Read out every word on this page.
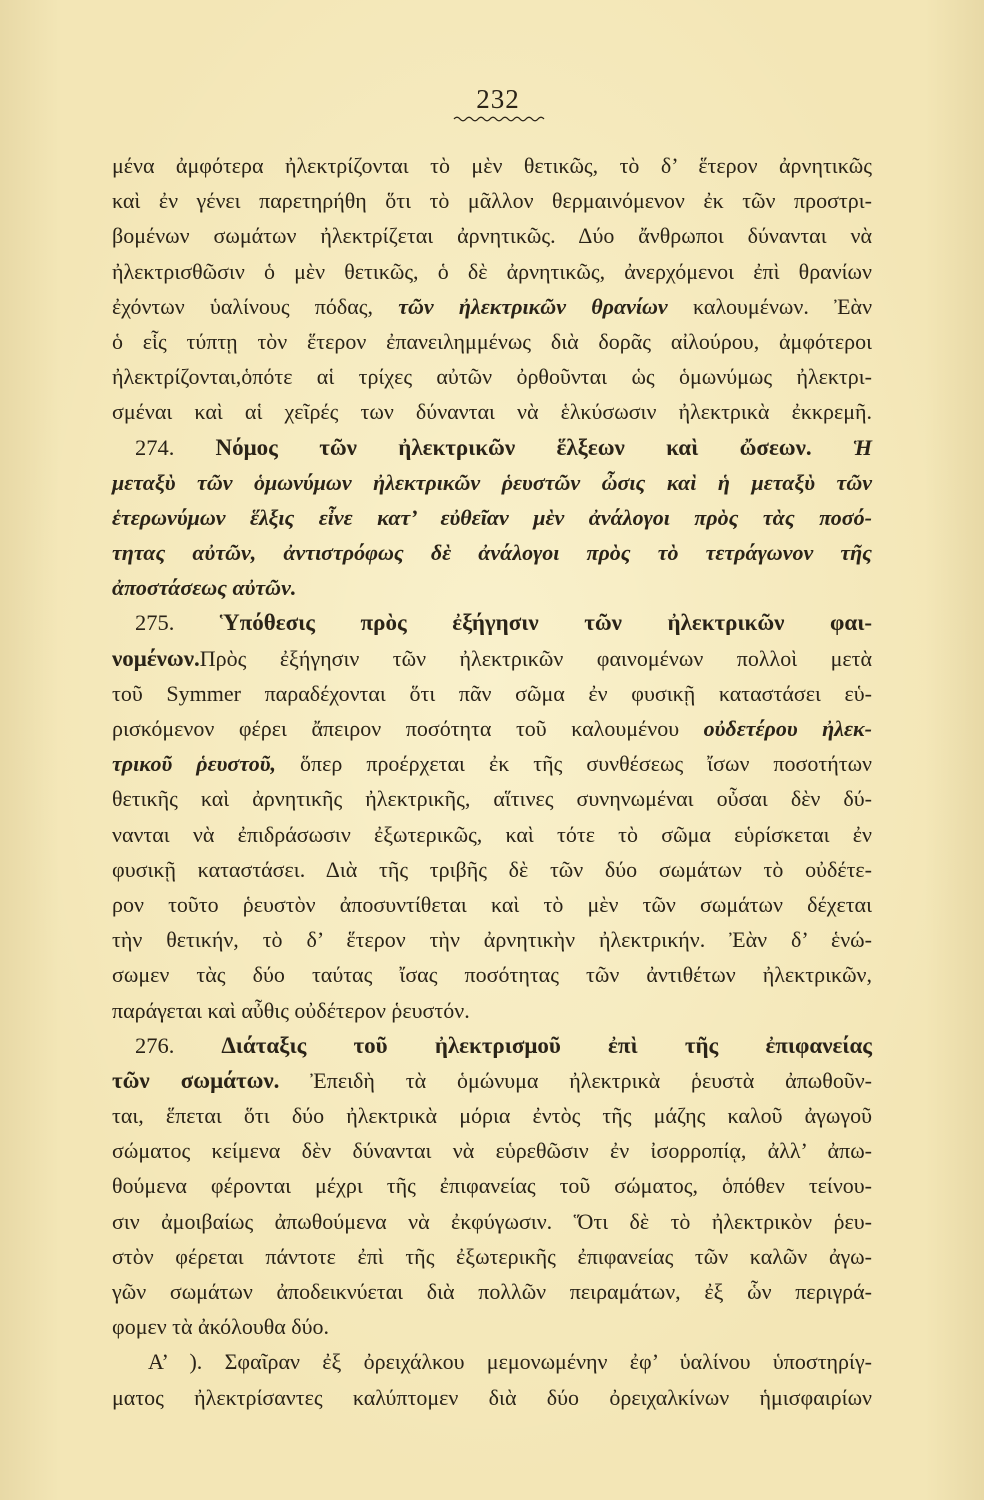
232
μένα ἀμφότερα ἠλεκτρίζονται τὸ μὲν θετικῶς, τὸ δ’ ἕτερον ἀρνητικῶς
καὶ ἐν γένει παρετηρήθη ὅτι τὸ μᾶλλον θερμαινόμενον ἐκ τῶν προστρι-
βομένων σωμάτων ἠλεκτρίζεται ἀρνητικῶς. Δύο ἄνθρωποι δύνανται νὰ
ἠλεκτρισθῶσιν ὁ μὲν θετικῶς, ὁ δὲ ἀρνητικῶς, ἀνερχόμενοι ἐπὶ θρανίων
ἐχόντων ὑαλίνους πόδας, τῶν ἠλεκτρικῶν θρανίων καλουμένων. Ἐὰν
ὁ εἷς τύπτῃ τὸν ἕτερον ἐπανειλημμένως διὰ δορᾶς αἰλούρου, ἀμφότεροι
ἠλεκτρίζονται,ὁπότε αἱ τρίχες αὐτῶν ὀρθοῦνται ὡς ὁμωνύμως ἠλεκτρι-
σμέναι καὶ αἱ χεῖρές των δύνανται νὰ ἑλκύσωσιν ἠλεκτρικὰ ἐκκρεμῆ.
274. Νόμος τῶν ἠλεκτρικῶν ἕλξεων καὶ ὤσεων. Ἡ
μεταξὺ τῶν ὁμωνύμων ἠλεκτρικῶν ῥευστῶν ὦσις καὶ ἡ μεταξὺ τῶν
ἑτερωνύμων ἕλξις εἶνε κατ’ εὐθεῖαν μὲν ἀνάλογοι πρὸς τὰς ποσό-
τητας αὐτῶν, ἀντιστρόφως δὲ ἀνάλογοι πρὸς τὸ τετράγωνον τῆς
ἀποστάσεως αὐτῶν.
275. Ὑπόθεσις πρὸς ἐξήγησιν τῶν ἠλεκτρικῶν φαι-
νομένων.Πρὸς ἐξήγησιν τῶν ἠλεκτρικῶν φαινομένων πολλοὶ μετὰ
τοῦ Symmer παραδέχονται ὅτι πᾶν σῶμα ἐν φυσικῇ καταστάσει εὑ-
ρισκόμενον φέρει ἄπειρον ποσότητα τοῦ καλουμένου οὐδετέρου ἠλεκ-
τρικοῦ ῥευστοῦ, ὅπερ προέρχεται ἐκ τῆς συνθέσεως ἴσων ποσοτήτων
θετικῆς καὶ ἀρνητικῆς ἠλεκτρικῆς, αἵτινες συνηνωμέναι οὖσαι δὲν δύ-
νανται νὰ ἐπιδράσωσιν ἐξωτερικῶς, καὶ τότε τὸ σῶμα εὑρίσκεται ἐν
φυσικῇ καταστάσει. Διὰ τῆς τριβῆς δὲ τῶν δύο σωμάτων τὸ οὐδέτε-
ρον τοῦτο ῥευστὸν ἀποσυντίθεται καὶ τὸ μὲν τῶν σωμάτων δέχεται
τὴν θετικήν, τὸ δ’ ἕτερον τὴν ἀρνητικὴν ἠλεκτρικήν. Ἐὰν δ’ ἑνώ-
σωμεν τὰς δύο ταύτας ἴσας ποσότητας τῶν ἀντιθέτων ἠλεκτρικῶν,
παράγεται καὶ αὖθις οὐδέτερον ῥευστόν.
276. Διάταξις τοῦ ἠλεκτρισμοῦ ἐπὶ τῆς ἐπιφανείας
τῶν σωμάτων. Ἐπειδὴ τὰ ὁμώνυμα ἠλεκτρικὰ ῥευστὰ ἀπωθοῦν-
ται, ἕπεται ὅτι δύο ἠλεκτρικὰ μόρια ἐντὸς τῆς μάζης καλοῦ ἀγωγοῦ
σώματος κείμενα δὲν δύνανται νὰ εὑρεθῶσιν ἐν ἰσορροπίᾳ, ἀλλ’ ἀπω-
θούμενα φέρονται μέχρι τῆς ἐπιφανείας τοῦ σώματος, ὁπόθεν τείνου-
σιν ἀμοιβαίως ἀπωθούμενα νὰ ἐκφύγωσιν. Ὅτι δὲ τὸ ἠλεκτρικὸν ῥευ-
στὸν φέρεται πάντοτε ἐπὶ τῆς ἐξωτερικῆς ἐπιφανείας τῶν καλῶν ἀγω-
γῶν σωμάτων ἀποδεικνύεται διὰ πολλῶν πειραμάτων, ἐξ ὧν περιγρά-
φομεν τὰ ἀκόλουθα δύο.
Α’ ). Σφαῖραν ἐξ ὀρειχάλκου μεμονωμένην ἐφ’ ὑαλίνου ὑποστηρίγ-
ματος ἠλεκτρίσαντες καλύπτομεν διὰ δύο ὀρειχαλκίνων ἡμισφαιρίων
